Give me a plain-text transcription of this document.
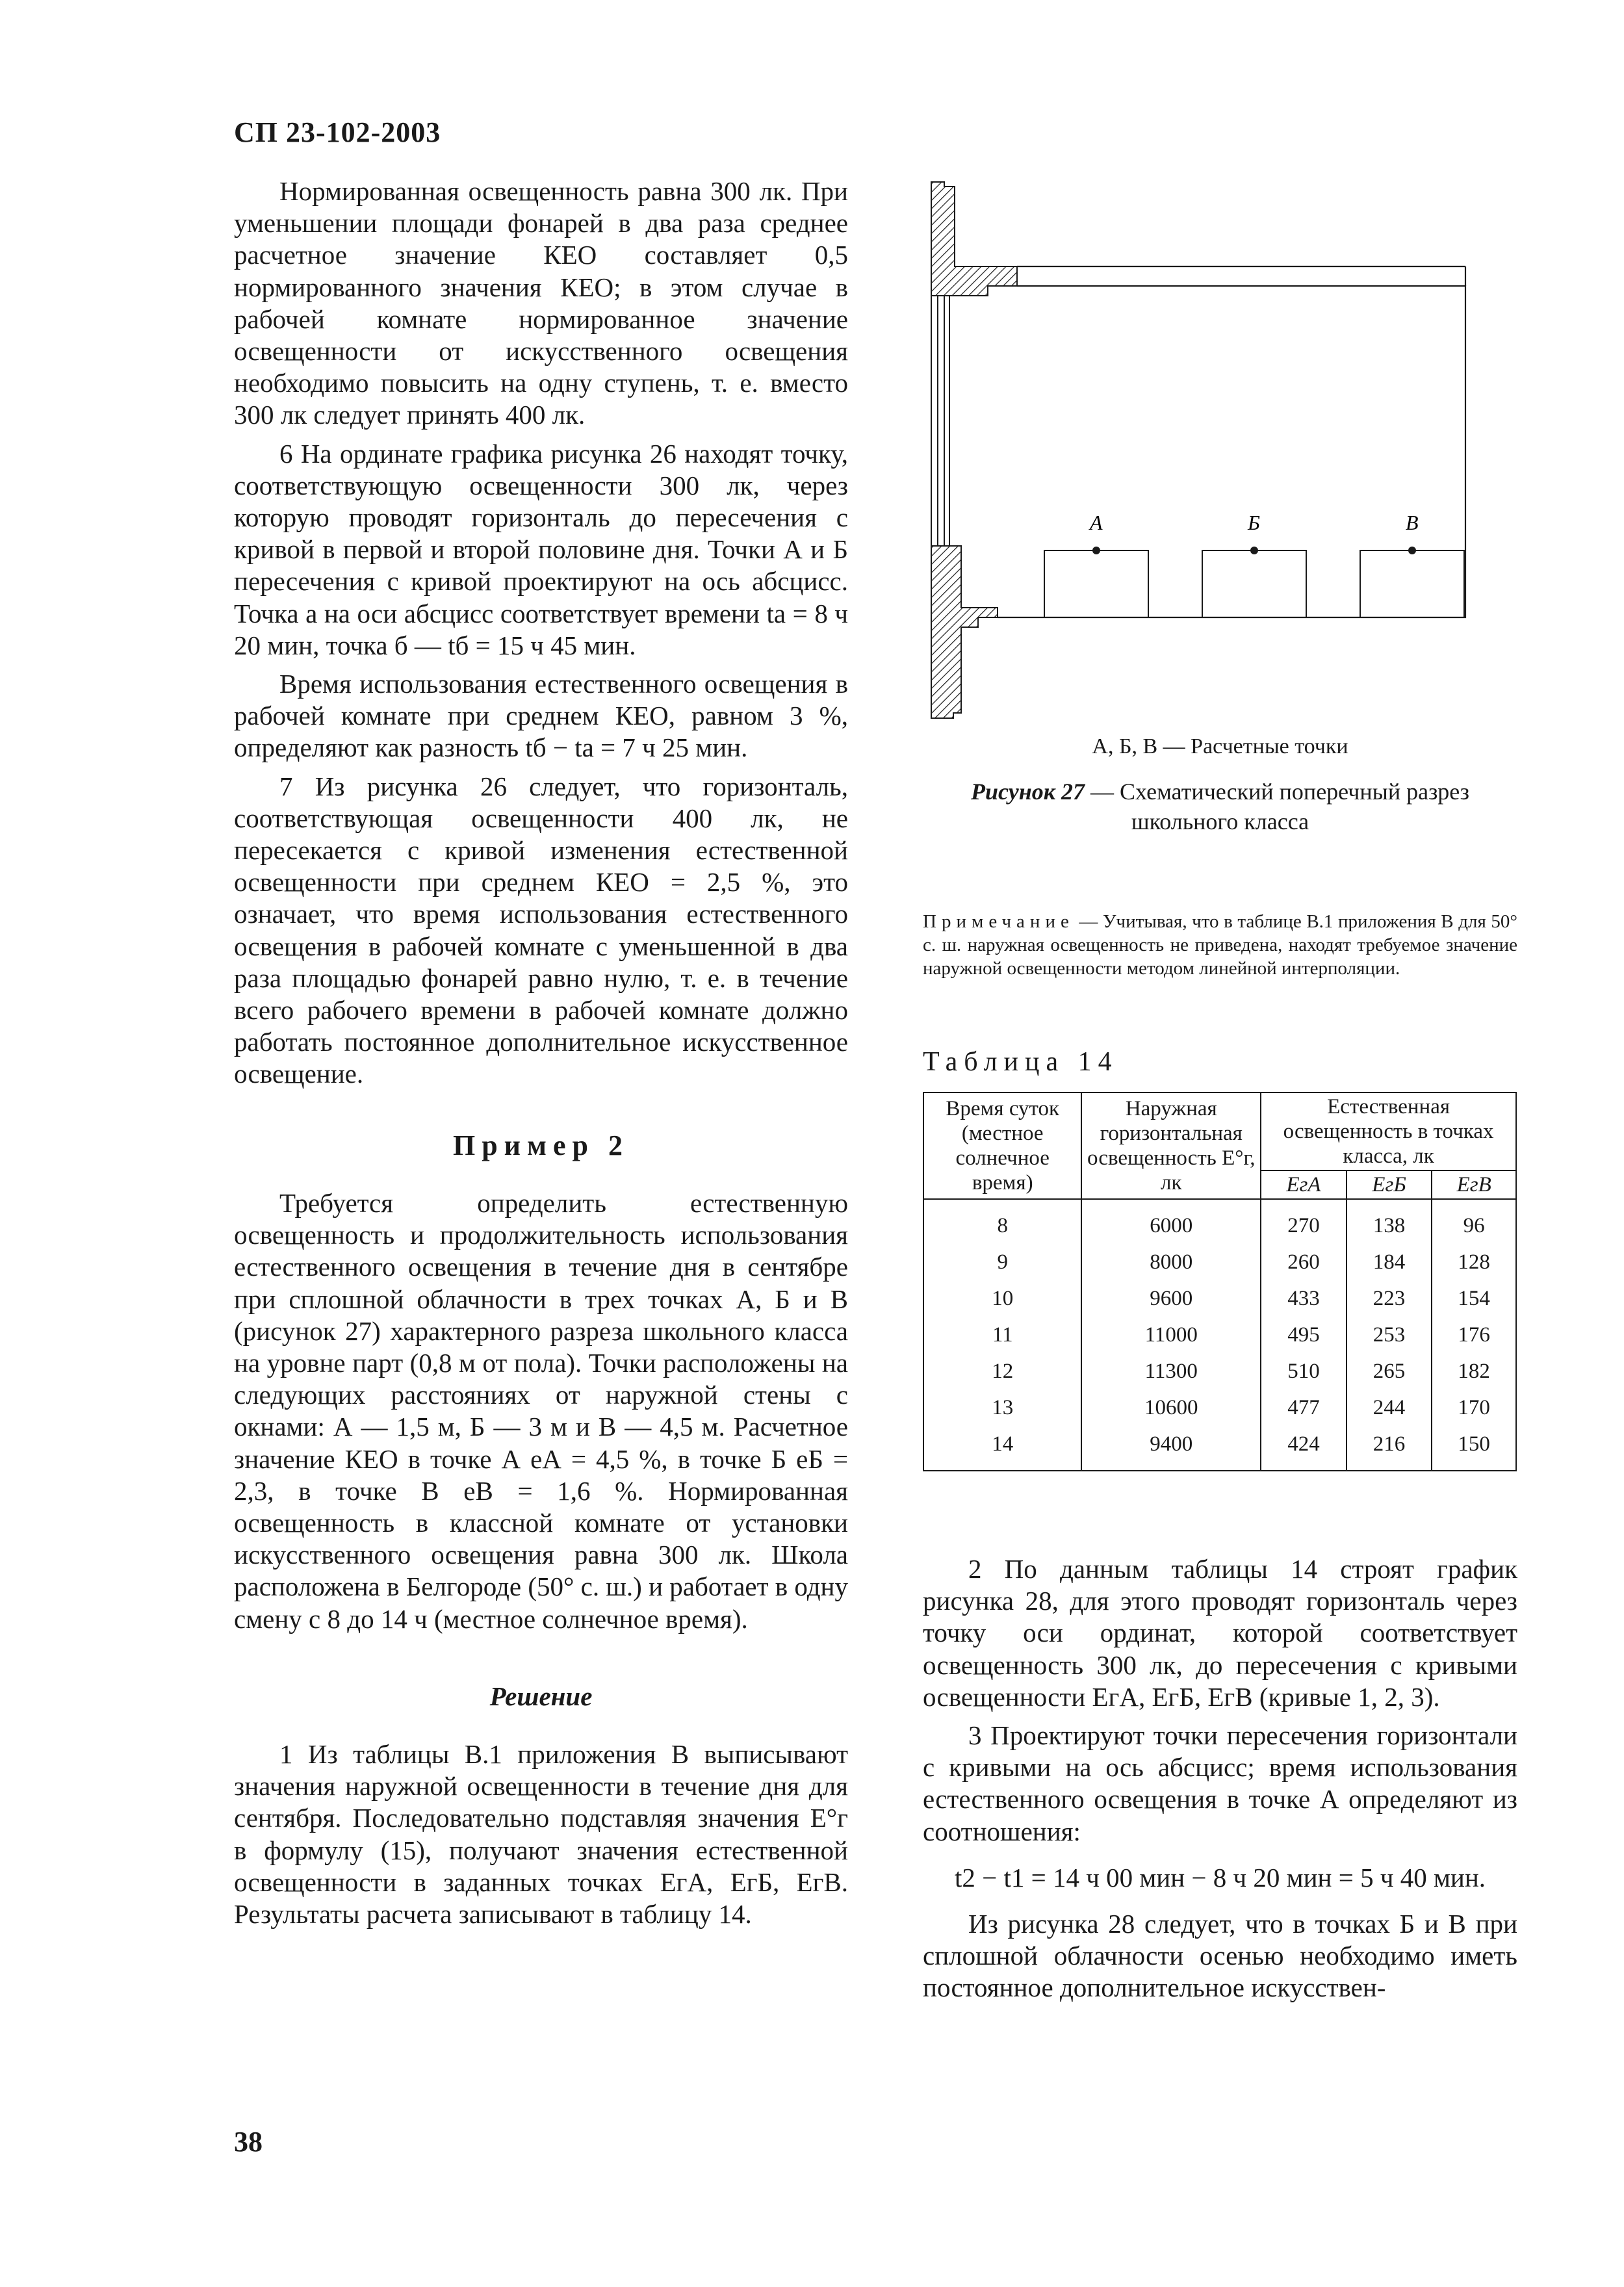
СП 23-102-2003

Нормированная освещенность равна 300 лк. При уменьшении площади фонарей в два раза среднее расчетное значение КЕО составляет 0,5 нормированного значения КЕО; в этом случае в рабочей комнате нормированное значение освещенности от искусственного освещения необходимо повысить на одну ступень, т. е. вместо 300 лк следует принять 400 лк.

6 На ординате графика рисунка 26 находят точку, соответствующую освещенности 300 лк, через которую проводят горизонталь до пересечения с кривой в первой и второй половине дня. Точки А и Б пересечения с кривой проектируют на ось абсцисс. Точка а на оси абсцисс соответствует времени tа = 8 ч 20 мин, точка б — tб = 15 ч 45 мин.

Время использования естественного освещения в рабочей комнате при среднем КЕО, равном 3 %, определяют как разность tб − tа = 7 ч 25 мин.

7 Из рисунка 26 следует, что горизонталь, соответствующая освещенности 400 лк, не пересекается с кривой изменения естественной освещенности при среднем КЕО = 2,5 %, это означает, что время использования естественного освещения в рабочей комнате с уменьшенной в два раза площадью фонарей равно нулю, т. е. в течение всего рабочего времени в рабочей комнате должно работать постоянное дополнительное искусственное освещение.

Пример 2

Требуется определить естественную освещенность и продолжительность использования естественного освещения в течение дня в сентябре при сплошной облачности в трех точках А, Б и В (рисунок 27) характерного разреза школьного класса на уровне парт (0,8 м от пола). Точки расположены на следующих расстояниях от наружной стены с окнами: А — 1,5 м, Б — 3 м и В — 4,5 м. Расчетное значение КЕО в точке А eА = 4,5 %, в точке Б eБ = 2,3, в точке В eВ = 1,6 %. Нормированная освещенность в классной комнате от установки искусственного освещения равна 300 лк. Школа расположена в Белгороде (50° с. ш.) и работает в одну смену с 8 до 14 ч (местное солнечное время).

Решение

1 Из таблицы В.1 приложения В выписывают значения наружной освещенности в течение дня для сентября. Последовательно подставляя значения E°г в формулу (15), получают значения естественной освещенности в заданных точках EгА, EгБ, EгВ. Результаты расчета записывают в таблицу 14.

А	Б	В
А, Б, В — Расчетные точки
Рисунок 27 — Схематический поперечный разрез школьного класса
Примечание — Учитывая, что в таблице В.1 приложения В для 50° с. ш. наружная освещенность не приведена, находят требуемое значение наружной освещенности методом линейной интерполяции.
Таблица 14
Время суток (местное солнечное время)	Наружная горизонтальная освещенность E°г, лк	Естественная освещенность в точках класса, лк		
		EгА	EгБ	EгВ
8	6000	270	138	96
9	8000	260	184	128
10	9600	433	223	154
11	11000	495	253	176
12	11300	510	265	182
13	10600	477	244	170
14	9400	424	216	150

2 По данным таблицы 14 строят график рисунка 28, для этого проводят горизонталь через точку оси ординат, которой соответствует освещенность 300 лк, до пересечения с кривыми освещенности EгА, EгБ, EгВ (кривые 1, 2, 3).

3 Проектируют точки пересечения горизонтали с кривыми на ось абсцисс; время использования естественного освещения в точке А определяют из соотношения:

t2 − t1 = 14 ч 00 мин − 8 ч 20 мин = 5 ч 40 мин.

Из рисунка 28 следует, что в точках Б и В при сплошной облачности осенью необходимо иметь постоянное дополнительное искусствен-

38
